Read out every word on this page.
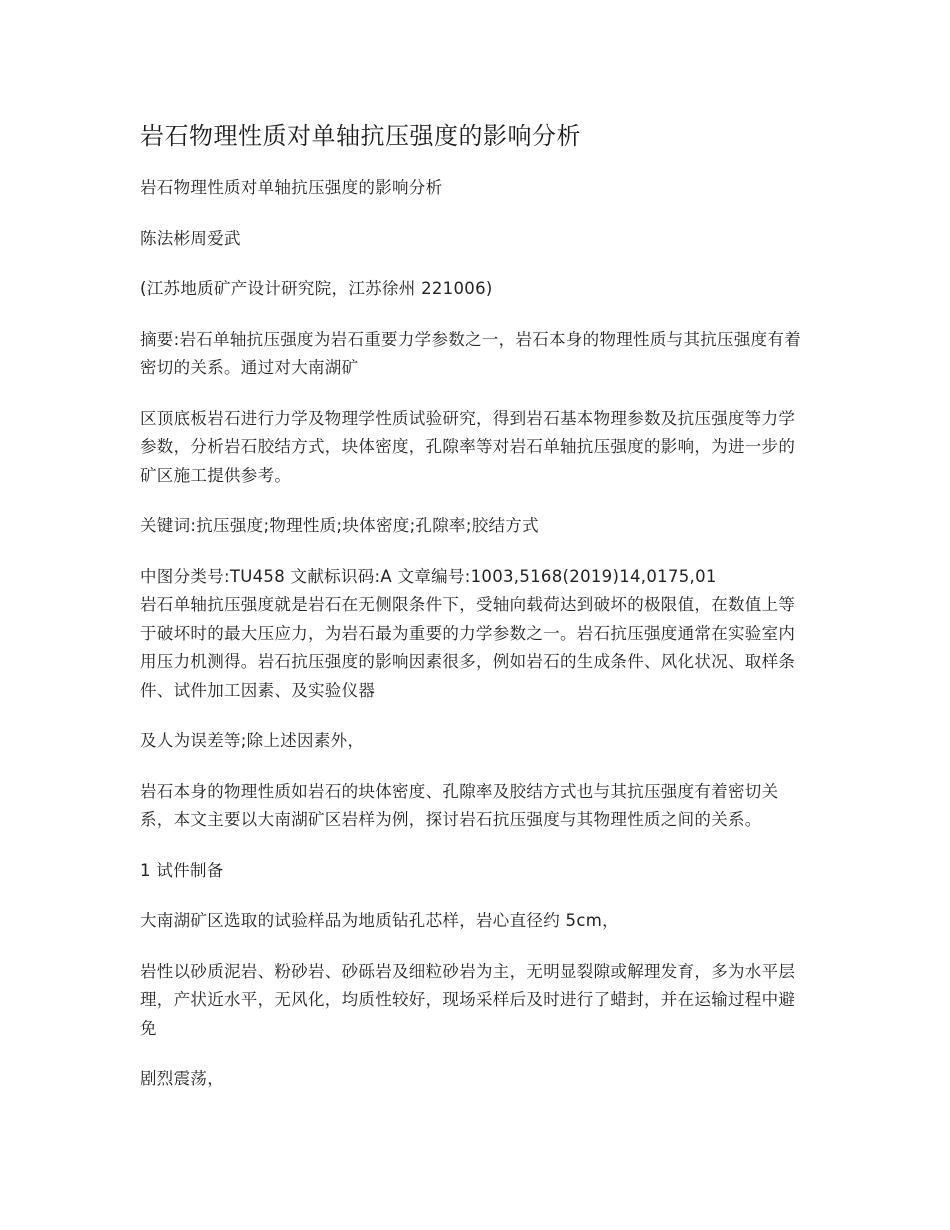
岩石物理性质对单轴抗压强度的影响分析

岩石物理性质对单轴抗压强度的影响分析

陈法彬周爱武

(江苏地质矿产设计研究院，江苏徐州 221006)

摘要:岩石单轴抗压强度为岩石重要力学参数之一，岩石本身的物理性质与其抗压强度有着密切的关系。通过对大南湖矿

区顶底板岩石进行力学及物理学性质试验研究，得到岩石基本物理参数及抗压强度等力学参数，分析岩石胶结方式，块体密度，孔隙率等对岩石单轴抗压强度的影响，为进一步的矿区施工提供参考。

关键词:抗压强度;物理性质;块体密度;孔隙率;胶结方式

中图分类号:TU458 文献标识码:A 文章编号:1003,5168(2019)14,0175,01

岩石单轴抗压强度就是岩石在无侧限条件下，受轴向载荷达到破坏的极限值，在数值上等于破坏时的最大压应力，为岩石最为重要的力学参数之一。岩石抗压强度通常在实验室内用压力机测得。岩石抗压强度的影响因素很多，例如岩石的生成条件、风化状况、取样条件、试件加工因素、及实验仪器

及人为误差等;除上述因素外，

岩石本身的物理性质如岩石的块体密度、孔隙率及胶结方式也与其抗压强度有着密切关系，本文主要以大南湖矿区岩样为例，探讨岩石抗压强度与其物理性质之间的关系。

1 试件制备

大南湖矿区选取的试验样品为地质钻孔芯样，岩心直径约 5cm，

岩性以砂质泥岩、粉砂岩、砂砾岩及细粒砂岩为主，无明显裂隙或解理发育，多为水平层理，产状近水平，无风化，均质性较好，现场采样后及时进行了蜡封，并在运输过程中避免

剧烈震荡，
